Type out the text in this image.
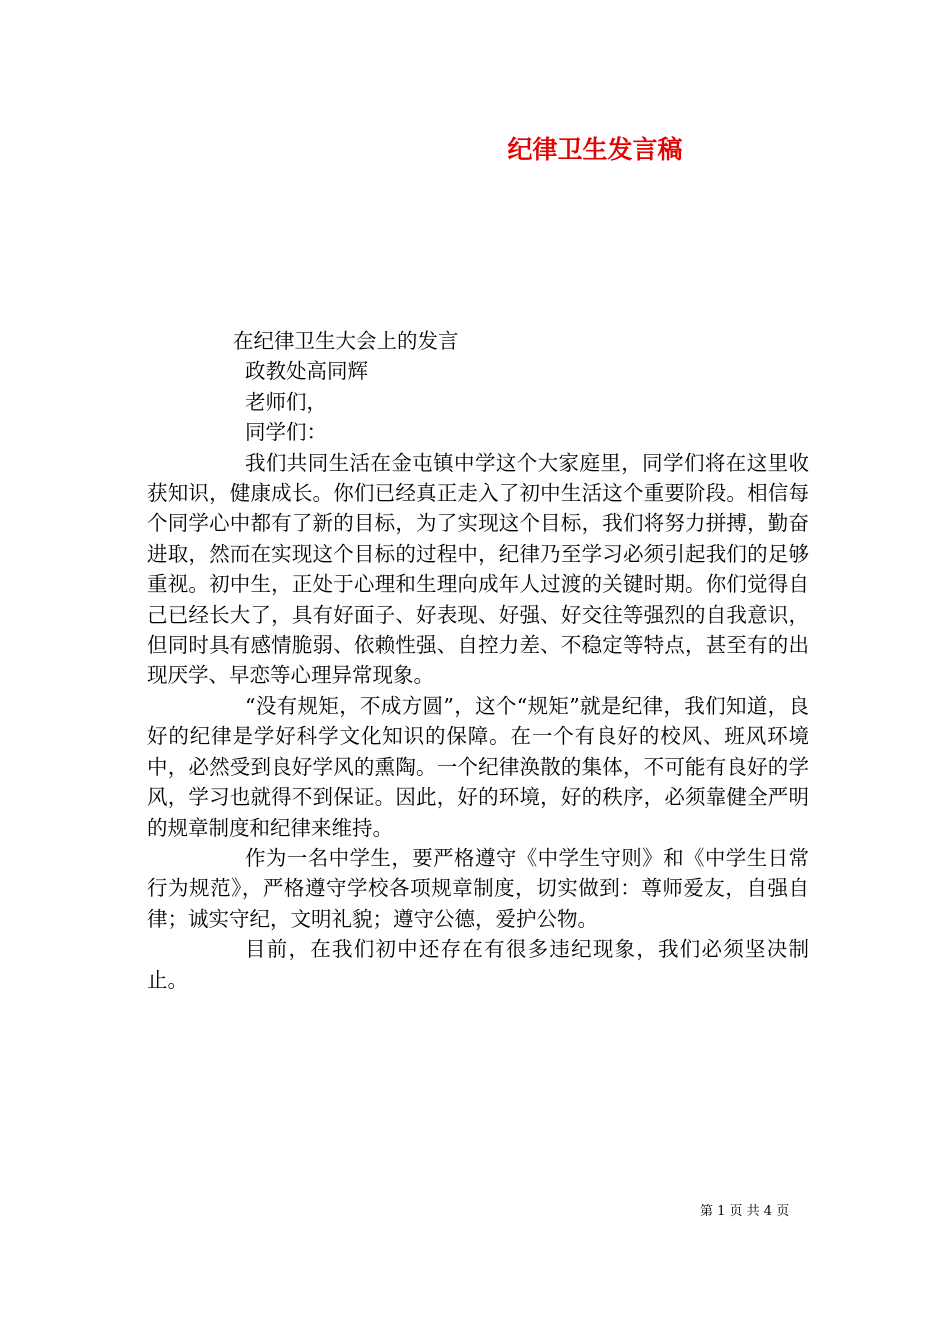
纪律卫生发言稿
在纪律卫生大会上的发言
政教处高同辉
老师们，
同学们：
我们共同生活在金屯镇中学这个大家庭里，同学们将在这里收获知识，健康成长。你们已经真正走入了初中生活这个重要阶段。相信每个同学心中都有了新的目标，为了实现这个目标，我们将努力拼搏，勤奋进取，然而在实现这个目标的过程中，纪律乃至学习必须引起我们的足够重视。初中生，正处于心理和生理向成年人过渡的关键时期。你们觉得自己已经长大了，具有好面子、好表现、好强、好交往等强烈的自我意识，但同时具有感情脆弱、依赖性强、自控力差、不稳定等特点，甚至有的出现厌学、早恋等心理异常现象。
“没有规矩，不成方圆”，这个“规矩”就是纪律，我们知道，良好的纪律是学好科学文化知识的保障。在一个有良好的校风、班风环境中，必然受到良好学风的熏陶。一个纪律涣散的集体，不可能有良好的学风，学习也就得不到保证。因此，好的环境，好的秩序，必须靠健全严明的规章制度和纪律来维持。
作为一名中学生，要严格遵守《中学生守则》和《中学生日常行为规范》，严格遵守学校各项规章制度，切实做到：尊师爱友，自强自律；诚实守纪，文明礼貌；遵守公德，爱护公物。
目前，在我们初中还存在有很多违纪现象，我们必须坚决制止。
第 1 页 共 4 页
